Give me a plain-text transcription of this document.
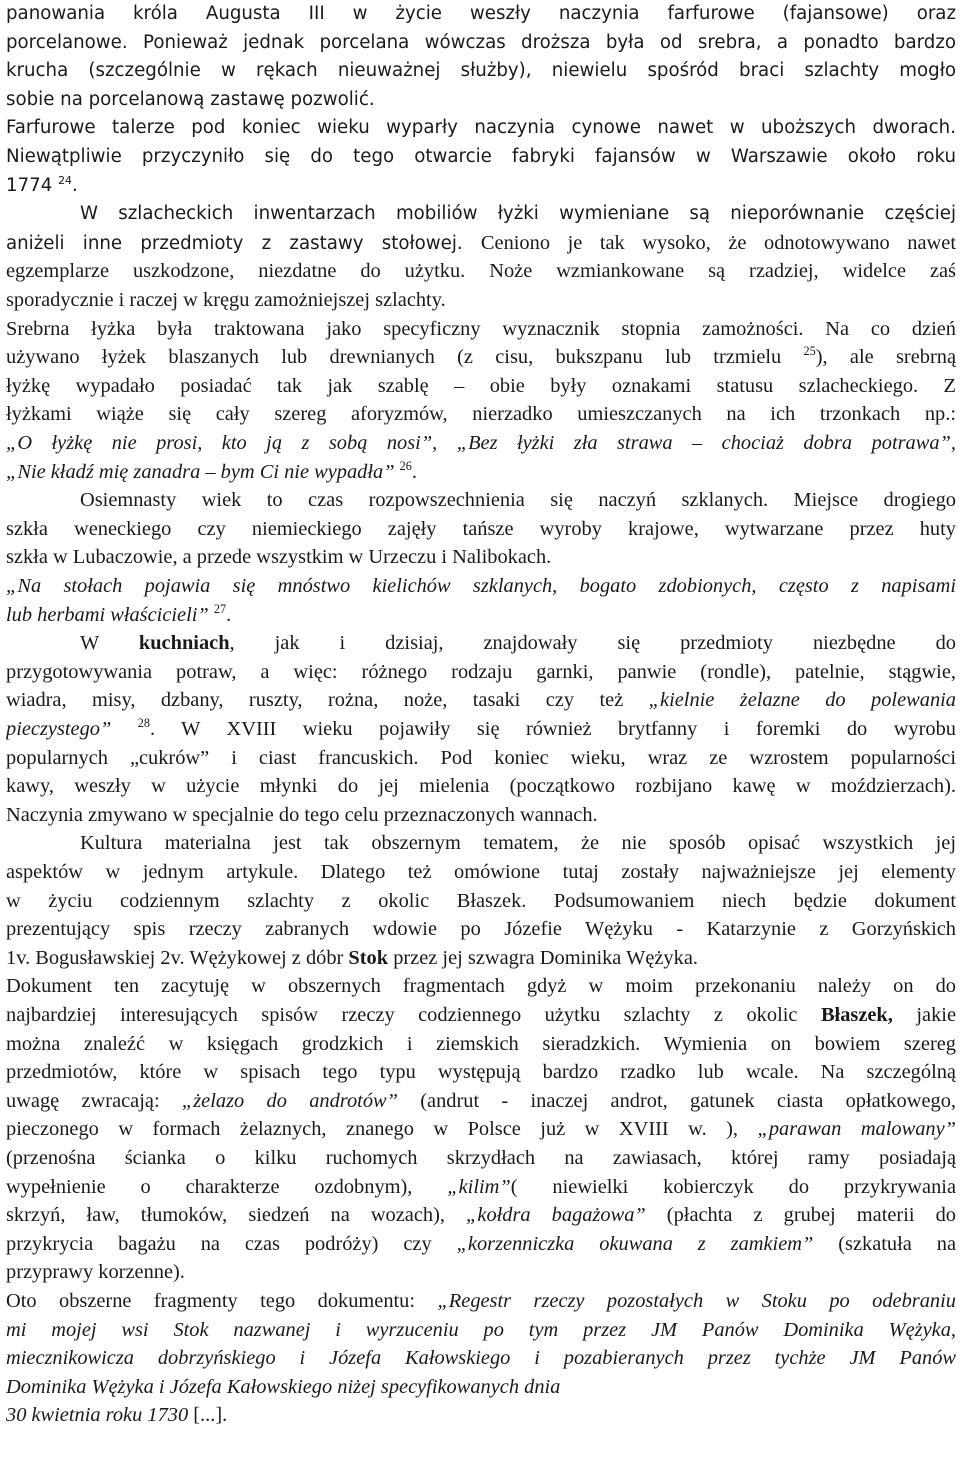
panowania króla Augusta III w życie weszły naczynia farfurowe (fajansowe) oraz
porcelanowe. Ponieważ jednak porcelana wówczas droższa była od srebra, a ponadto bardzo
krucha (szczególnie w rękach nieuważnej służby), niewielu spośród braci szlachty mogło
sobie na porcelanową zastawę pozwolić.
Farfurowe talerze pod koniec wieku wyparły naczynia cynowe nawet w uboższych dworach.
Niewątpliwie przyczyniło się do tego otwarcie fabryki fajansów w Warszawie około roku
1774 $^{24}$.
W szlacheckich inwentarzach mobiliów łyżki wymieniane są nieporównanie częściej
aniżeli inne przedmioty z zastawy stołowej. Ceniono je tak wysoko, że odnotowywano nawet
egzemplarze uszkodzone, niezdatne do użytku. Noże wzmiankowane są rzadziej, widelce zaś
sporadycznie i raczej w kręgu zamożniejszej szlachty.
Srebrna łyżka była traktowana jako specyficzny wyznacznik stopnia zamożności. Na co dzień
używano łyżek blaszanych lub drewnianych (z cisu, bukszpanu lub trzmielu $^{25}$), ale srebrną
łyżkę wypadało posiadać tak jak szablę – obie były oznakami statusu szlacheckiego. Z
łyżkami wiąże się cały szereg aforyzmów, nierzadko umieszczanych na ich trzonkach np.:
„O łyżkę nie prosi, kto ją z sobą nosi”, „Bez łyżki zła strawa – chociaż dobra potrawa”,
„Nie kładź mię zanadra – bym Ci nie wypadła” $^{26}$.
Osiemnasty wiek to czas rozpowszechnienia się naczyń szklanych. Miejsce drogiego
szkła weneckiego czy niemieckiego zajęły tańsze wyroby krajowe, wytwarzane przez huty
szkła w Lubaczowie, a przede wszystkim w Urzeczu i Nalibokach.
„Na stołach pojawia się mnóstwo kielichów szklanych, bogato zdobionych, często z napisami
lub herbami właścicieli” $^{27}$.
W kuchniach, jak i dzisiaj, znajdowały się przedmioty niezbędne do
przygotowywania potraw, a więc: różnego rodzaju garnki, panwie (rondle), patelnie, stągwie,
wiadra, misy, dzbany, ruszty, rożna, noże, tasaki czy też „kielnie żelazne do polewania
pieczystego” $^{28}$. W XVIII wieku pojawiły się również brytfanny i foremki do wyrobu
popularnych „cukrów” i ciast francuskich. Pod koniec wieku, wraz ze wzrostem popularności
kawy, weszły w użycie młynki do jej mielenia (początkowo rozbijano kawę w moździerzach).
Naczynia zmywano w specjalnie do tego celu przeznaczonych wannach.
Kultura materialna jest tak obszernym tematem, że nie sposób opisać wszystkich jej
aspektów w jednym artykule. Dlatego też omówione tutaj zostały najważniejsze jej elementy
w życiu codziennym szlachty z okolic Błaszek. Podsumowaniem niech będzie dokument
prezentujący spis rzeczy zabranych wdowie po Józefie Wężyku - Katarzynie z Gorzyńskich
1v. Bogusławskiej 2v. Wężykowej z dóbr Stok przez jej szwagra Dominika Wężyka.
Dokument ten zacytuję w obszernych fragmentach gdyż w moim przekonaniu należy on do
najbardziej interesujących spisów rzeczy codziennego użytku szlachty z okolic Błaszek, jakie
można znaleźć w księgach grodzkich i ziemskich sieradzkich. Wymienia on bowiem szereg
przedmiotów, które w spisach tego typu występują bardzo rzadko lub wcale. Na szczególną
uwagę zwracają: „żelazo do androtów” (andrut - inaczej androt, gatunek ciasta opłatkowego,
pieczonego w formach żelaznych, znanego w Polsce już w XVIII w. ), „parawan malowany”
(przenośna ścianka o kilku ruchomych skrzydłach na zawiasach, której ramy posiadają
wypełnienie o charakterze ozdobnym), „kilim”( niewielki kobierczyk do przykrywania
skrzyń, ław, tłumoków, siedzeń na wozach), „kołdra bagażowa” (płachta z grubej materii do
przykrycia bagażu na czas podróży) czy „korzenniczka okuwana z zamkiem” (szkatuła na
przyprawy korzenne).
Oto obszerne fragmenty tego dokumentu: „Regestr rzeczy pozostałych w Stoku po odebraniu
mi mojej wsi Stok nazwanej i wyrzuceniu po tym przez JM Panów Dominika Wężyka,
miecznikowicza dobrzyńskiego i Józefa Kałowskiego i pozabieranych przez tychże JM Panów
Dominika Wężyka i Józefa Kałowskiego niżej specyfikowanych dnia
30 kwietnia roku 1730 [...].
